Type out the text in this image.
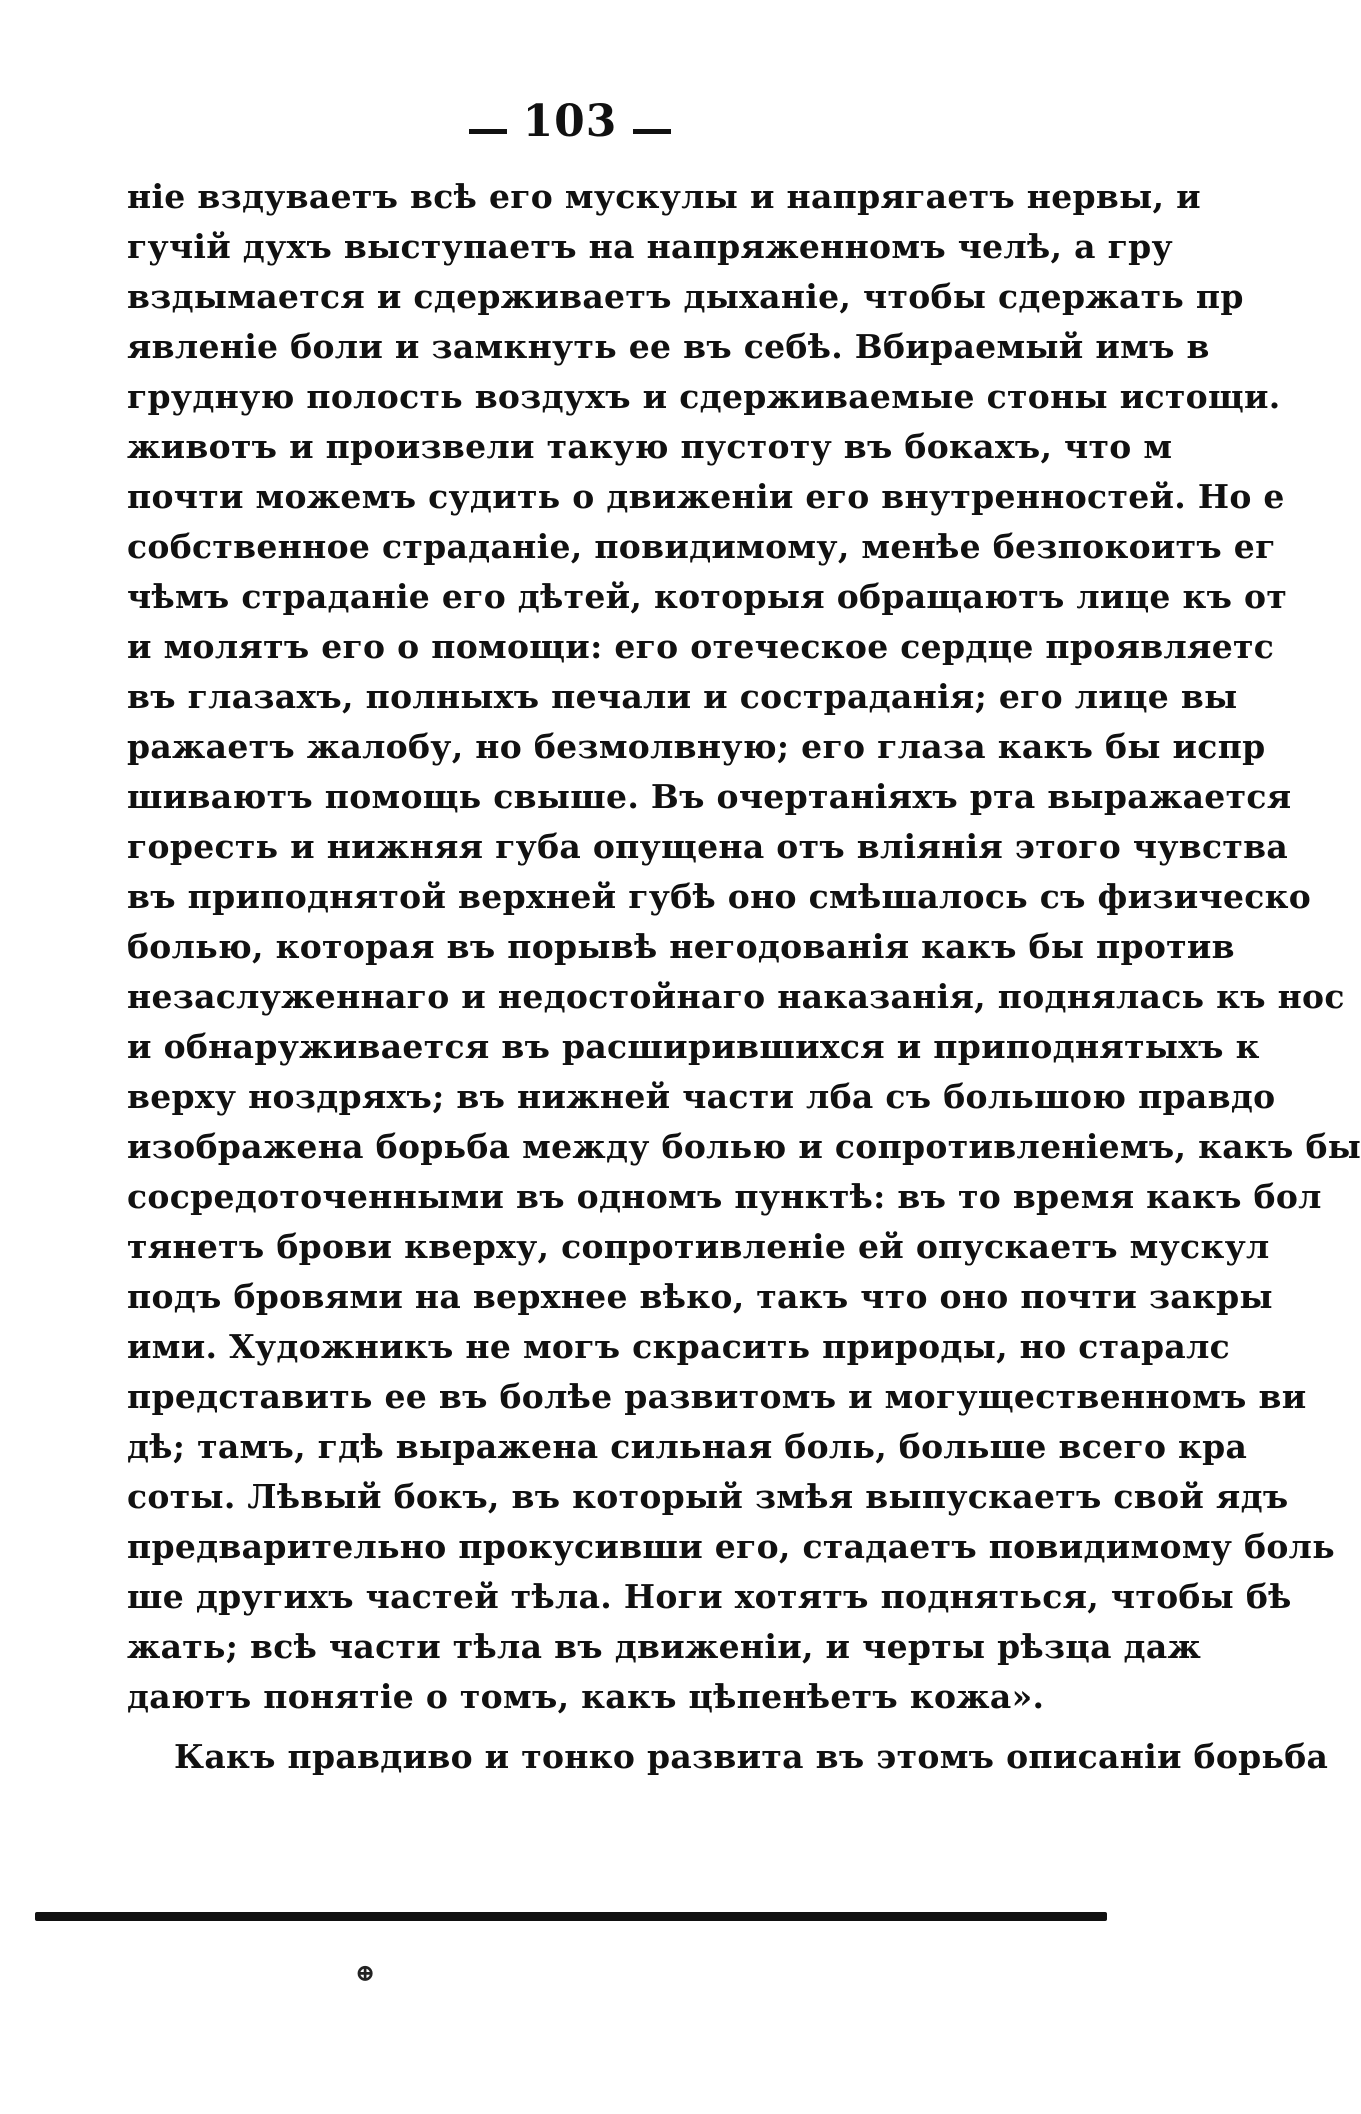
103
ніе вздуваетъ всѣ его мускулы и напрягаетъ нервы, и
гучій духъ выступаетъ на напряженномъ челѣ, а гру
вздымается и сдерживаетъ дыханіе, чтобы сдержать пр
явленіе боли и замкнуть ее въ себѣ. Вбираемый имъ в
грудную полость воздухъ и сдерживаемые стоны истощи.
животъ и произвели такую пустоту въ бокахъ, что м
почти можемъ судить о движеніи его внутренностей. Но е
собственное страданіе, повидимому, менѣе безпокоитъ ег
чѣмъ страданіе его дѣтей, которыя обращаютъ лице къ от
и молятъ его о помощи: его отеческое сердце проявляетс
въ глазахъ, полныхъ печали и состраданія; его лице вы
ражаетъ жалобу, но безмолвную; его глаза какъ бы испр
шиваютъ помощь свыше. Въ очертаніяхъ рта выражается
горесть и нижняя губа опущена отъ вліянія этого чувства
въ приподнятой верхней губѣ оно смѣшалось съ физическо
болью, которая въ порывѣ негодованія какъ бы против
незаслуженнаго и недостойнаго наказанія, поднялась къ нос
и обнаруживается въ расширившихся и приподнятыхъ к
верху ноздряхъ; въ нижней части лба съ большою правдо
изображена борьба между болью и сопротивленіемъ, какъ бы
сосредоточенными въ одномъ пунктѣ: въ то время какъ бол
тянетъ брови кверху, сопротивленіе ей опускаетъ мускул
подъ бровями на верхнее вѣко, такъ что оно почти закры
ими. Художникъ не могъ скрасить природы, но старалс
представить ее въ болѣе развитомъ и могущественномъ ви
дѣ; тамъ, гдѣ выражена сильная боль, больше всего кра
соты. Лѣвый бокъ, въ который змѣя выпускаетъ свой ядъ
предварительно прокусивши его, стадаетъ повидимому боль
ше другихъ частей тѣла. Ноги хотятъ подняться, чтобы бѣ
жать; всѣ части тѣла въ движеніи, и черты рѣзца даж
даютъ понятіе о томъ, какъ цѣпенѣетъ кожа».
Какъ правдиво и тонко развита въ этомъ описаніи борьба
⊕
